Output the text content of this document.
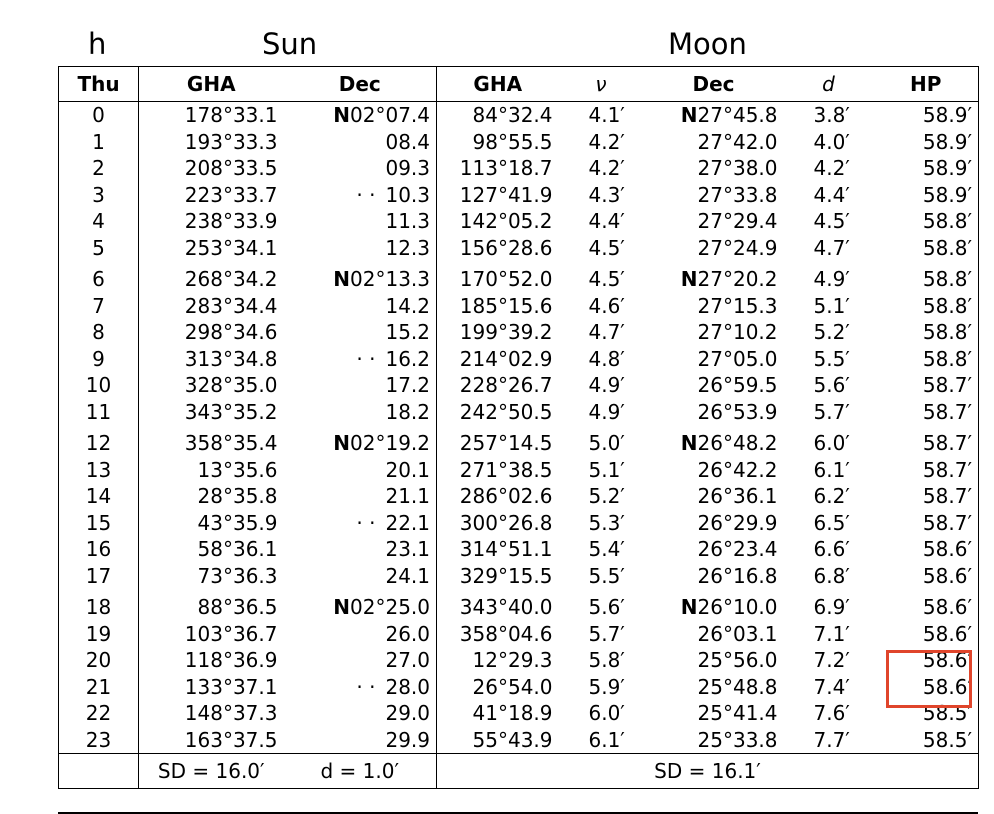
h	Sun	Moon
Thu	GHA	Dec	GHA	ν	Dec	d	HP
0	178°33.1	N02°07.4	84°32.4	4.1′	N27°45.8	3.8′	58.9′
1	193°33.3	08.4	98°55.5	4.2′	27°42.0	4.0′	58.9′
2	208°33.5	09.3	113°18.7	4.2′	27°38.0	4.2′	58.9′
3	223°33.7	· · 10.3	127°41.9	4.3′	27°33.8	4.4′	58.9′
4	238°33.9	11.3	142°05.2	4.4′	27°29.4	4.5′	58.8′
5	253°34.1	12.3	156°28.6	4.5′	27°24.9	4.7′	58.8′
6	268°34.2	N02°13.3	170°52.0	4.5′	N27°20.2	4.9′	58.8′
7	283°34.4	14.2	185°15.6	4.6′	27°15.3	5.1′	58.8′
8	298°34.6	15.2	199°39.2	4.7′	27°10.2	5.2′	58.8′
9	313°34.8	· · 16.2	214°02.9	4.8′	27°05.0	5.5′	58.8′
10	328°35.0	17.2	228°26.7	4.9′	26°59.5	5.6′	58.7′
11	343°35.2	18.2	242°50.5	4.9′	26°53.9	5.7′	58.7′
12	358°35.4	N02°19.2	257°14.5	5.0′	N26°48.2	6.0′	58.7′
13	13°35.6	20.1	271°38.5	5.1′	26°42.2	6.1′	58.7′
14	28°35.8	21.1	286°02.6	5.2′	26°36.1	6.2′	58.7′
15	43°35.9	· · 22.1	300°26.8	5.3′	26°29.9	6.5′	58.7′
16	58°36.1	23.1	314°51.1	5.4′	26°23.4	6.6′	58.6′
17	73°36.3	24.1	329°15.5	5.5′	26°16.8	6.8′	58.6′
18	88°36.5	N02°25.0	343°40.0	5.6′	N26°10.0	6.9′	58.6′
19	103°36.7	26.0	358°04.6	5.7′	26°03.1	7.1′	58.6′
20	118°36.9	27.0	12°29.3	5.8′	25°56.0	7.2′	58.6′
21	133°37.1	· · 28.0	26°54.0	5.9′	25°48.8	7.4′	58.6′
22	148°37.3	29.0	41°18.9	6.0′	25°41.4	7.6′	58.5′
23	163°37.5	29.9	55°43.9	6.1′	25°33.8	7.7′	58.5′
	SD = 16.0′	d = 1.0′	SD = 16.1′				
